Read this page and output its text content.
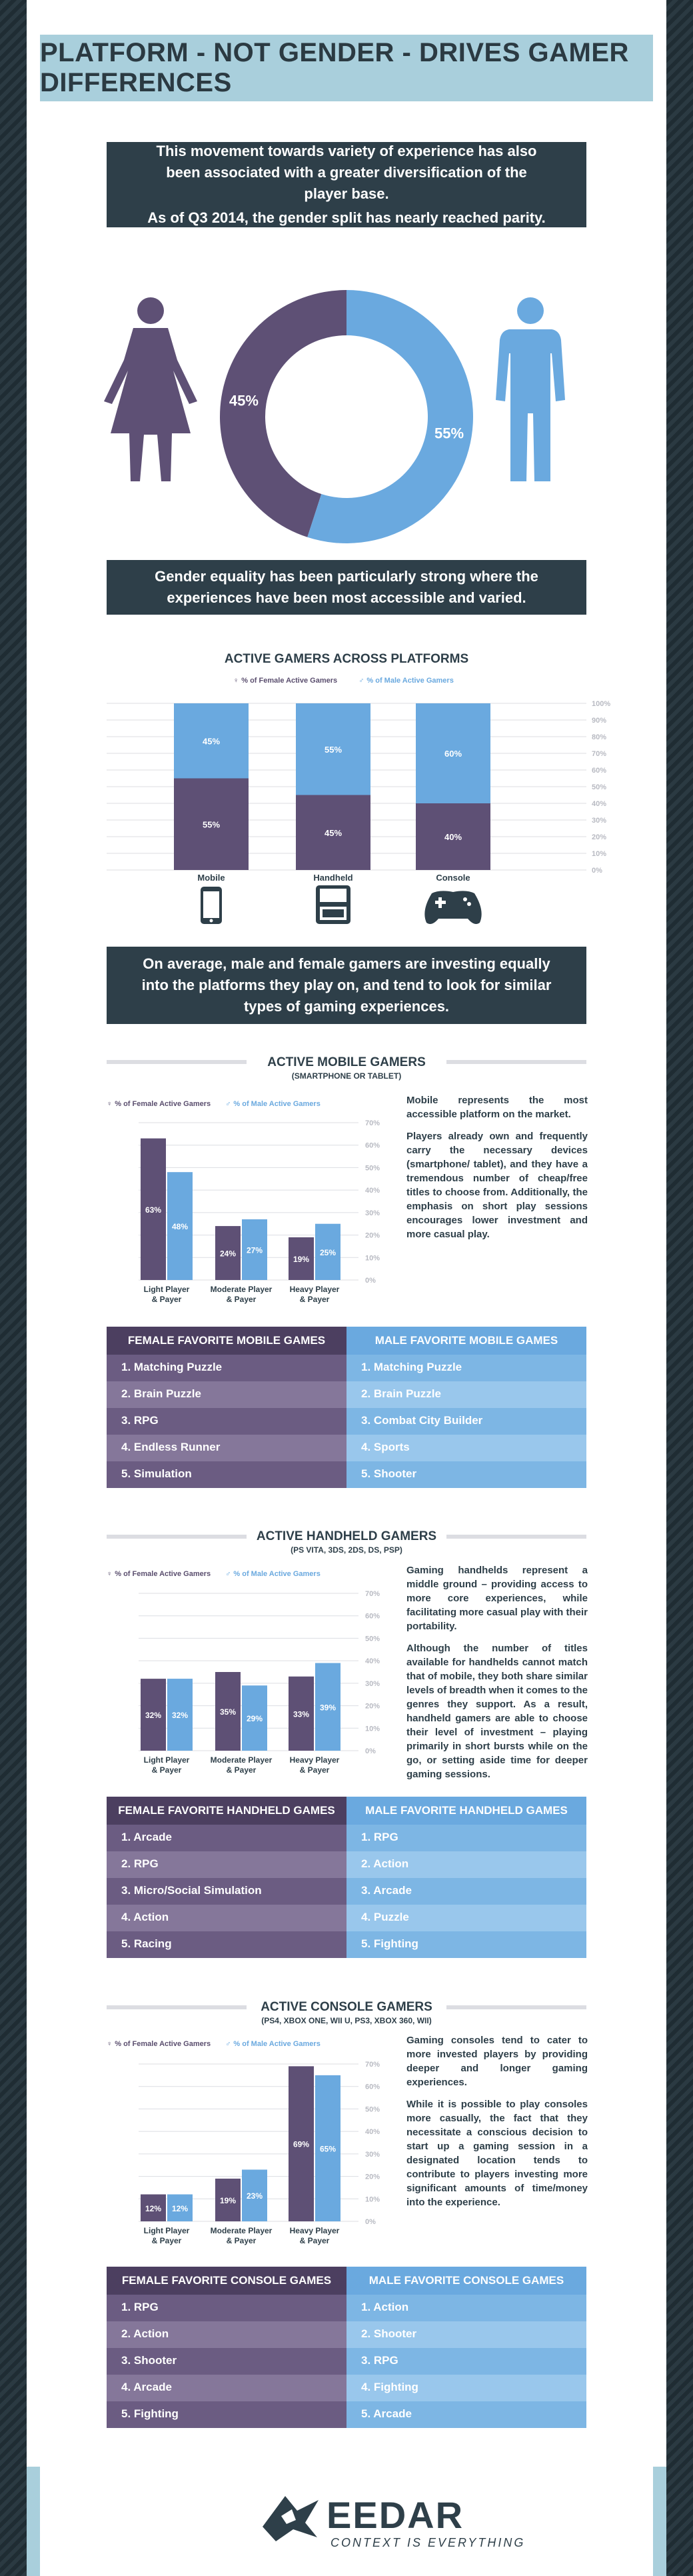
PLATFORM - NOT GENDER - DRIVES GAMER DIFFERENCES

This movement towards variety of experience has also been associated with a greater diversification of the player base.

As of Q3 2014, the gender split has nearly reached parity.

45%
55%

Gender equality has been particularly strong where the experiences have been most accessible and varied.

ACTIVE GAMERS ACROSS PLATFORMS
♀ % of Female Active Gamers	♂ % of Male Active Gamers
0%
10%
20%
30%
40%
50%
60%
70%
80%
90%
100%
55%
45%
Mobile
45%
55%
Handheld
40%
60%
Console

On average, male and female gamers are investing equally into the platforms they play on, and tend to look for similar types of gaming experiences.

ACTIVE MOBILE GAMERS
(SMARTPHONE OR TABLET)
♀ % of Female Active Gamers ♂ % of Male Active Gamers
0%
10%
20%
30%
40%
50%
60%
70%
63%
48%
Light Player
& Payer
24% 27%
Moderate Player
& Payer
19%
25%
Heavy Player
& Payer

Mobile represents the most accessible platform on the market.

Players already own and frequently carry the necessary devices (smartphone/ tablet), and they have a tremendous number of cheap/free titles to choose from. Additionally, the emphasis on short play sessions encourages lower investment and more casual play.

FEMALE FAVORITE MOBILE GAMES
1. Matching Puzzle
2. Brain Puzzle
3. RPG
4. Endless Runner
5. Simulation
MALE FAVORITE MOBILE GAMES
1. Matching Puzzle
2. Brain Puzzle
3. Combat City Builder
4. Sports
5. Shooter
ACTIVE HANDHELD GAMERS
(PS VITA, 3DS, 2DS, DS, PSP)
♀ % of Female Active Gamers ♂ % of Male Active Gamers
0%
10%
20%
30%
40%
50%
60%
70%
32% 32%
Light Player
& Payer
35%
29%
Moderate Player
& Payer
33%
39%
Heavy Player
& Payer

Gaming handhelds represent a middle ground – providing access to more core experiences, while facilitating more casual play with their portability.

Although the number of titles available for handhelds cannot match that of mobile, they both share similar levels of breadth when it comes to the genres they support. As a result, handheld gamers are able to choose their level of investment – playing primarily in short bursts while on the go, or setting aside time for deeper gaming sessions.

FEMALE FAVORITE HANDHELD GAMES
1. Arcade
2. RPG
3. Micro/Social Simulation
4. Action
5. Racing
MALE FAVORITE HANDHELD GAMES
1. RPG
2. Action
3. Arcade
4. Puzzle
5. Fighting
ACTIVE CONSOLE GAMERS
(PS4, XBOX ONE, WII U, PS3, XBOX 360, WII)
♀ % of Female Active Gamers ♂ % of Male Active Gamers
0%
10%
20%
30%
40%
50%
60%
70%
12% 12%
Light Player
& Payer
19% 23%
Moderate Player
& Payer
69% 65%
Heavy Player
& Payer

Gaming consoles tend to cater to more invested players by providing deeper and longer gaming experiences.

While it is possible to play consoles more casually, the fact that they necessitate a conscious decision to start up a gaming session in a designated location tends to contribute to players investing more significant amounts of time/money into the experience.

FEMALE FAVORITE CONSOLE GAMES
1. RPG
2. Action
3. Shooter
4. Arcade
5. Fighting
MALE FAVORITE CONSOLE GAMES
1. Action
2. Shooter
3. RPG
4. Fighting
5. Arcade
EEDAR
CONTEXT IS EVERYTHING
